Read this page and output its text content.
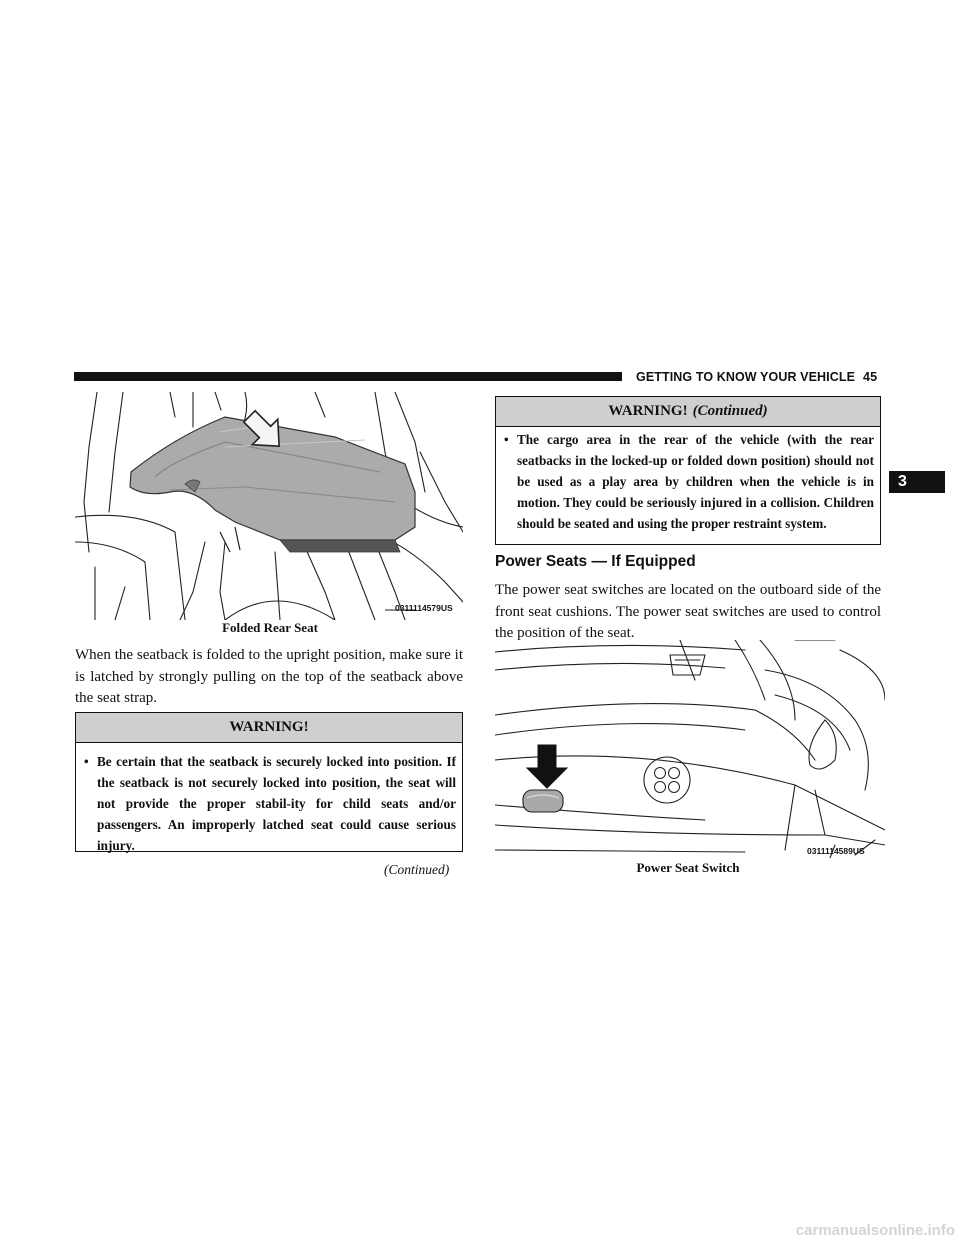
GETTING TO KNOW YOUR VEHICLE 45
3
0311114579US
Folded Rear Seat
When the seatback is folded to the upright position, make sure it is latched by strongly pulling on the top of the seatback above the seat strap.
WARNING!
• Be certain that the seatback is securely locked into position. If the seatback is not securely locked into position, the seat will not provide the proper stabil-ity for child seats and/or passengers. An improperly latched seat could cause serious injury.
(Continued)
WARNING! (Continued)
• The cargo area in the rear of the vehicle (with the rear seatbacks in the locked-up or folded down position) should not be used as a play area by children when the vehicle is in motion. They could be seriously injured in a collision. Children should be seated and using the proper restraint system.
Power Seats — If Equipped
The power seat switches are located on the outboard side of the front seat cushions. The power seat switches are used to control the position of the seat.
0311114589US
Power Seat Switch
carmanualsonline.info
